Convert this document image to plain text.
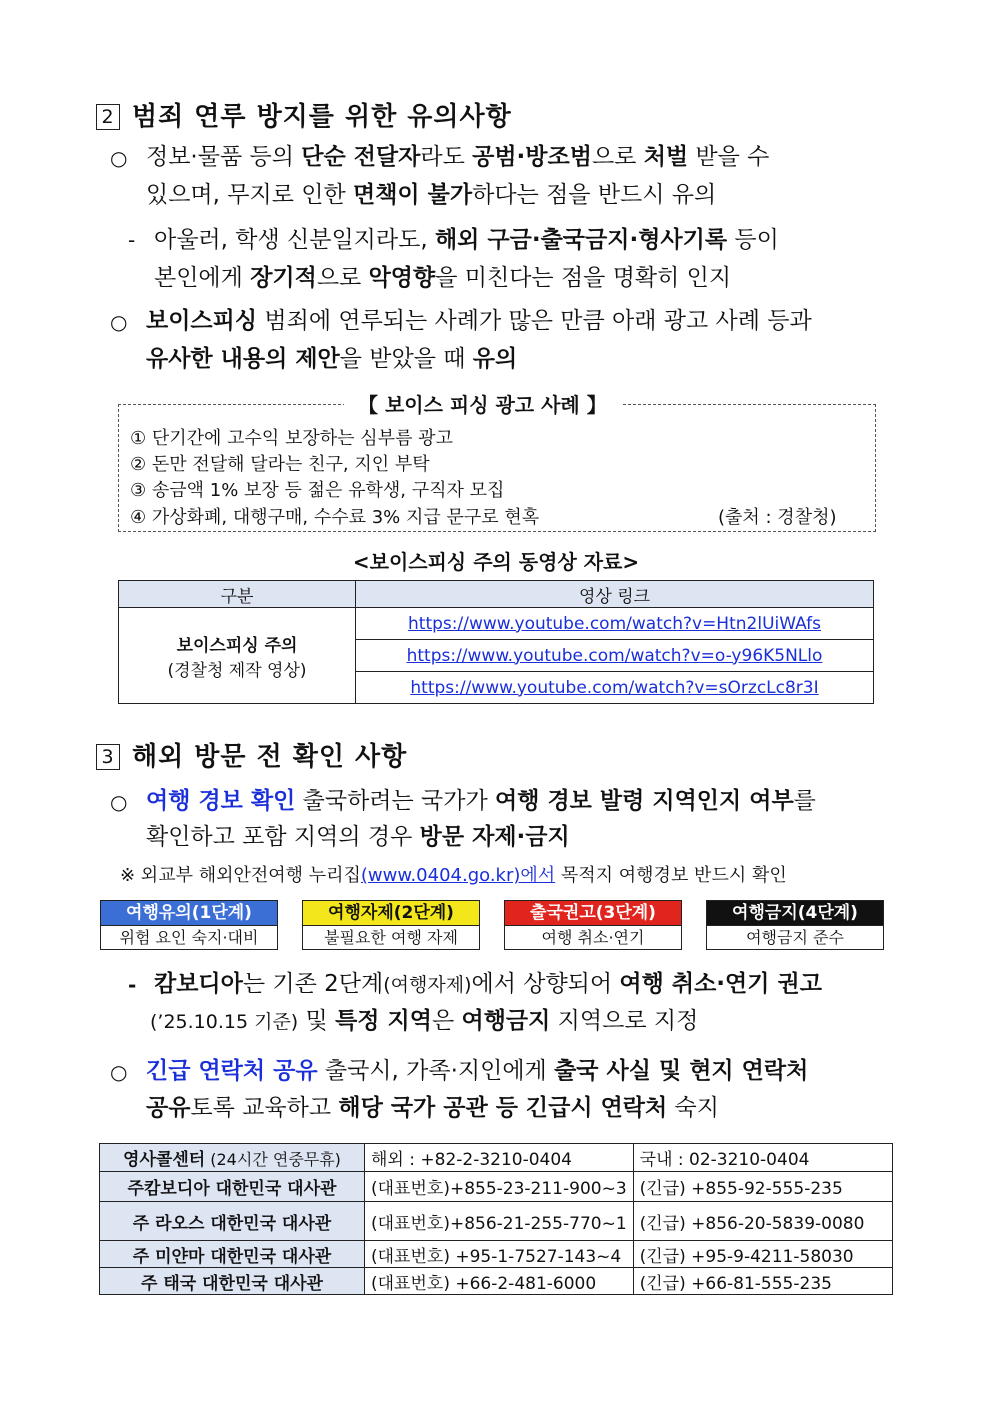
2 범죄 연루 방지를 위한 유의사항
○ 정보·물품 등의 단순 전달자라도 공범·방조범으로 처벌 받을 수
있으며, 무지로 인한 면책이 불가하다는 점을 반드시 유의
- 아울러, 학생 신분일지라도, 해외 구금·출국금지·형사기록 등이
본인에게 장기적으로 악영향을 미친다는 점을 명확히 인지
○ 보이스피싱 범죄에 연루되는 사례가 많은 만큼 아래 광고 사례 등과
유사한 내용의 제안을 받았을 때 유의
【 보이스 피싱 광고 사례 】
① 단기간에 고수익 보장하는 심부름 광고
② 돈만 전달해 달라는 친구, 지인 부탁
③ 송금액 1% 보장 등 젊은 유학생, 구직자 모집
④ 가상화폐, 대행구매, 수수료 3% 지급 문구로 현혹	(출처 : 경찰청)
<보이스피싱 주의 동영상 자료>
구분	영상 링크

보이스피싱 주의
(경찰청 제작 영상)	https://www.youtube.com/watch?v=Htn2lUiWAfs
	https://www.youtube.com/watch?v=o-y96K5NLlo
	https://www.youtube.com/watch?v=sOrzcLc8r3I
3 해외 방문 전 확인 사항
○ 여행 경보 확인 출국하려는 국가가 여행 경보 발령 지역인지 여부를
확인하고 포함 지역의 경우 방문 자제·금지
※ 외교부 해외안전여행 누리집(www.0404.go.kr)에서 목적지 여행경보 반드시 확인
여행유의(1단계)
위험 요인 숙지·대비
여행자제(2단계)
불필요한 여행 자제
출국권고(3단계)
여행 취소·연기
여행금지(4단계)
여행금지 준수
- 캄보디아는 기존 2단계(여행자제)에서 상향되어 여행 취소·연기 권고
(’25.10.15 기준) 및 특정 지역은 여행금지 지역으로 지정
○ 긴급 연락처 공유 출국시, 가족·지인에게 출국 사실 및 현지 연락처
공유토록 교육하고 해당 국가 공관 등 긴급시 연락처 숙지
영사콜센터 (24시간 연중무휴)	해외 : +82-2-3210-0404	국내 : 02-3210-0404
주캄보디아 대한민국 대사관	(대표번호)+855-23-211-900~3	(긴급) +855-92-555-235
주 라오스 대한민국 대사관	(대표번호)+856-21-255-770~1	(긴급) +856-20-5839-0080
주 미얀마 대한민국 대사관	(대표번호) +95-1-7527-143~4	(긴급) +95-9-4211-58030
주 태국 대한민국 대사관	(대표번호) +66-2-481-6000	(긴급) +66-81-555-235
